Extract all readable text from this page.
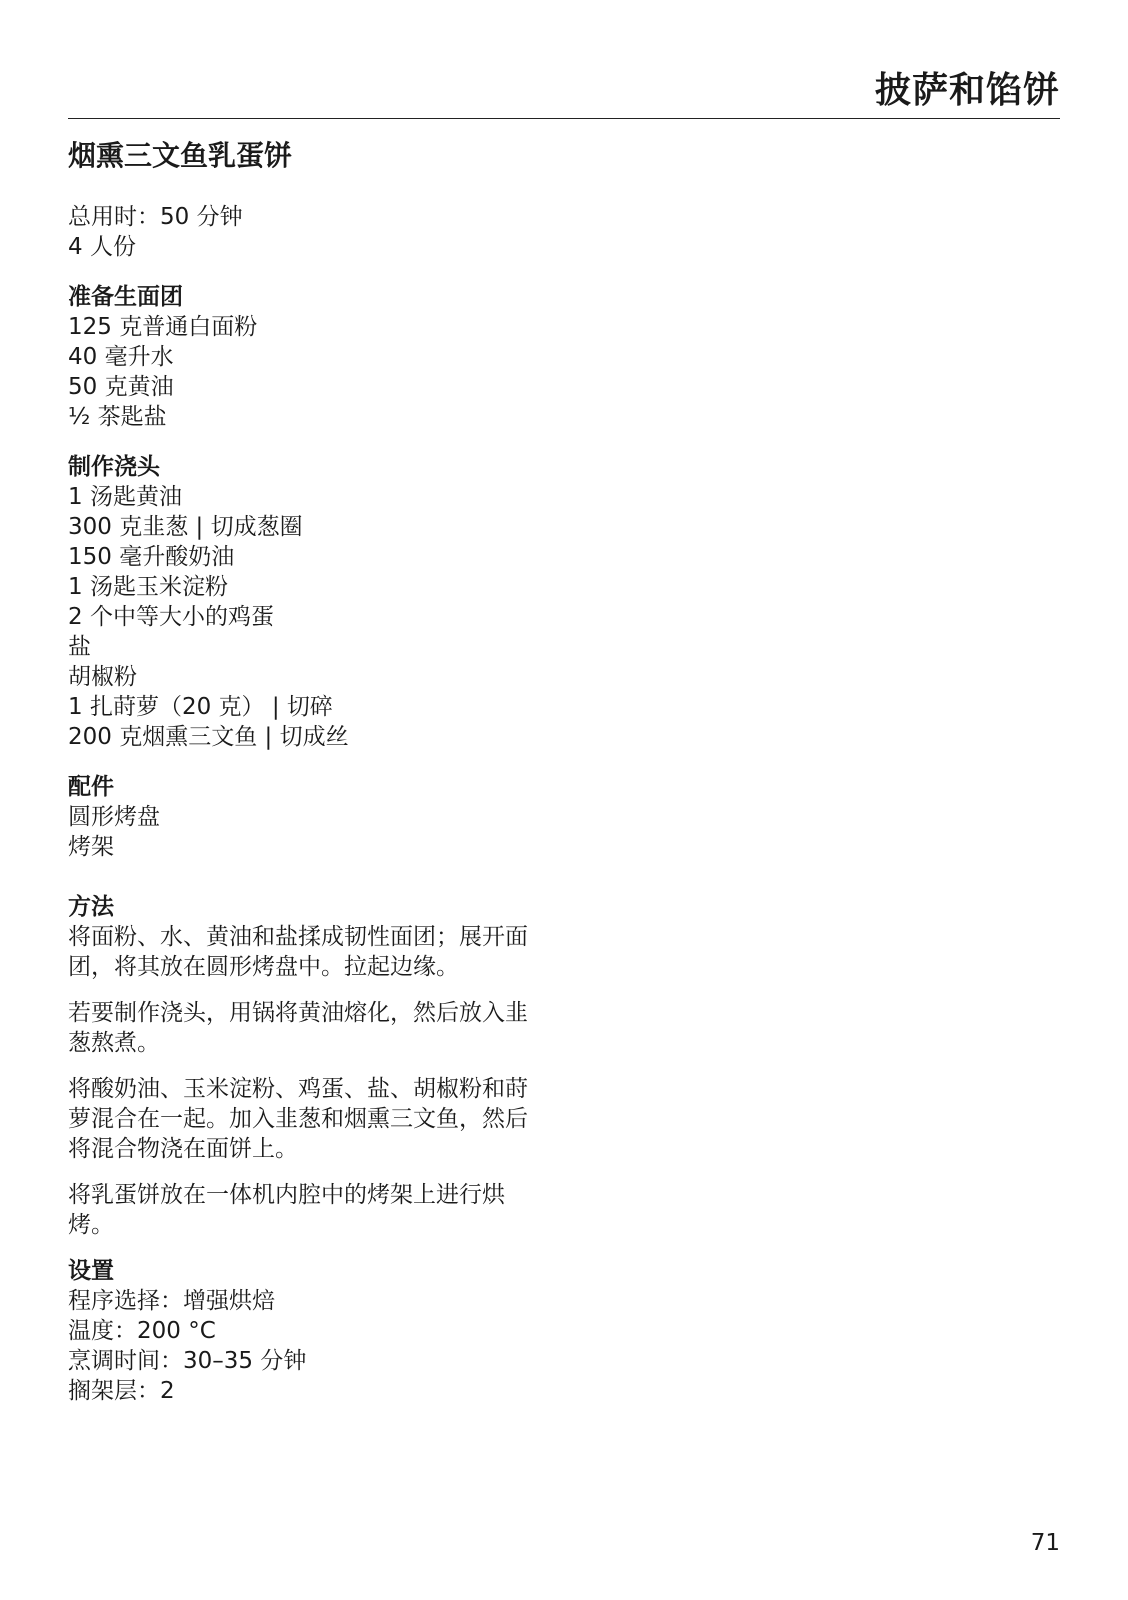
披萨和馅饼
烟熏三文鱼乳蛋饼

总用时：50 分钟

4 人份

准备生面团

125 克普通白面粉

40 毫升水

50 克黄油

½ 茶匙盐

制作浇头

1 汤匙黄油

300 克韭葱 | 切成葱圈

150 毫升酸奶油

1 汤匙玉米淀粉

2 个中等大小的鸡蛋

盐

胡椒粉

1 扎莳萝（20 克） | 切碎

200 克烟熏三文鱼 | 切成丝

配件

圆形烤盘

烤架

方法

将面粉、水、黄油和盐揉成韧性面团；展开面团，将其放在圆形烤盘中。拉起边缘。

若要制作浇头，用锅将黄油熔化，然后放入韭葱熬煮。

将酸奶油、玉米淀粉、鸡蛋、盐、胡椒粉和莳萝混合在一起。加入韭葱和烟熏三文鱼，然后将混合物浇在面饼上。

将乳蛋饼放在一体机内腔中的烤架上进行烘烤。

设置

程序选择：增强烘焙

温度：200 °C

烹调时间：30–35 分钟

搁架层：2

71
